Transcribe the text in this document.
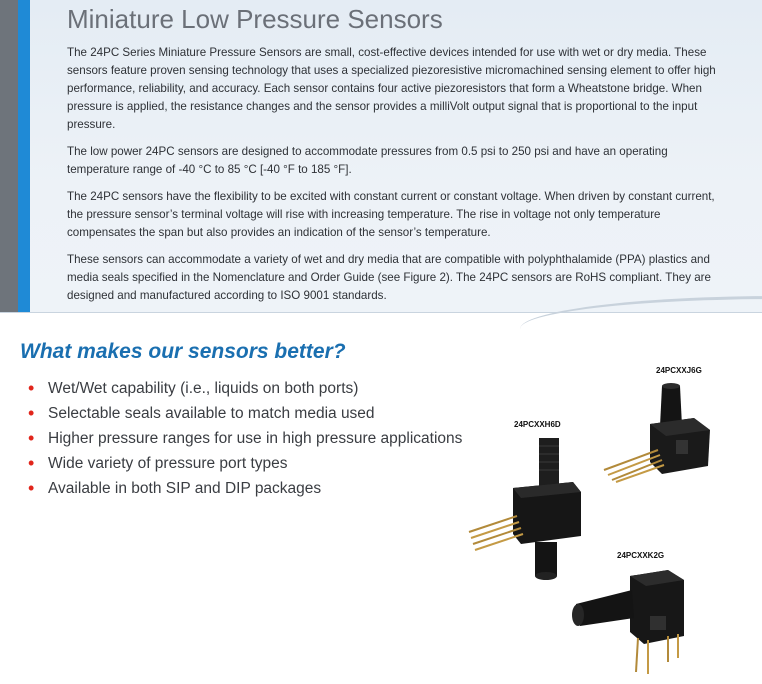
Miniature Low Pressure Sensors

The 24PC Series Miniature Pressure Sensors are small, cost-effective devices intended for use with wet or dry media. These sensors feature proven sensing technology that uses a specialized piezoresistive micromachined sensing element to offer high performance, reliability, and accuracy. Each sensor contains four active piezoresistors that form a Wheatstone bridge. When pressure is applied, the resistance changes and the sensor provides a milliVolt output signal that is proportional to the input pressure.

The low power 24PC sensors are designed to accommodate pressures from 0.5 psi to 250 psi and have an operating temperature range of -40 °C to 85 °C [-40 °F to 185 °F].

The 24PC sensors have the flexibility to be excited with constant current or constant voltage. When driven by constant current, the pressure sensor’s terminal voltage will rise with increasing temperature. The rise in voltage not only temperature compensates the span but also provides an indication of the sensor’s temperature.

These sensors can accommodate a variety of wet and dry media that are compatible with polyphthalamide (PPA) plastics and media seals specified in the Nomenclature and Order Guide (see Figure 2). The 24PC sensors are RoHS compliant. They are designed and manufactured according to ISO 9001 standards.

What makes our sensors better?
• Wet/Wet capability (i.e., liquids on both ports)
• Selectable seals available to match media used
• Higher pressure ranges for use in high pressure applications
• Wide variety of pressure port types
• Available in both SIP and DIP packages
24PCXXJ6G
24PCXXH6D
24PCXXK2G
